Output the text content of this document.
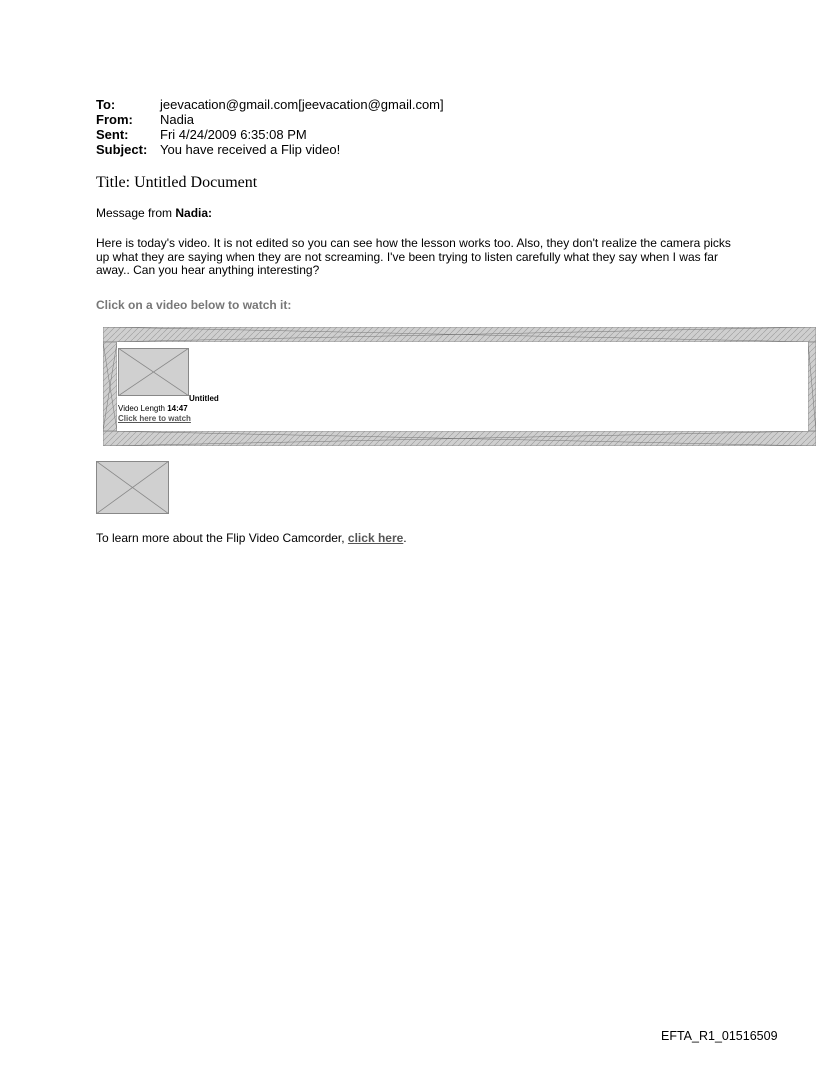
To:	jeevacation@gmail.com[jeevacation@gmail.com]
From: Nadia
Sent: Fri 4/24/2009 6:35:08 PM
Subject: You have received a Flip video!
Title: Untitled Document
Message from Nadia:
Here is today's video. It is not edited so you can see how the lesson works too. Also, they don't realize the camera picks up what they are saying when they are not screaming. I've been trying to listen carefully what they say when I was far away.. Can you hear anything interesting?
Click on a video below to watch it:
Untitled
Video Length 14:47
Click here to watch
To learn more about the Flip Video Camcorder, click here.
EFTA_R1_01516509
